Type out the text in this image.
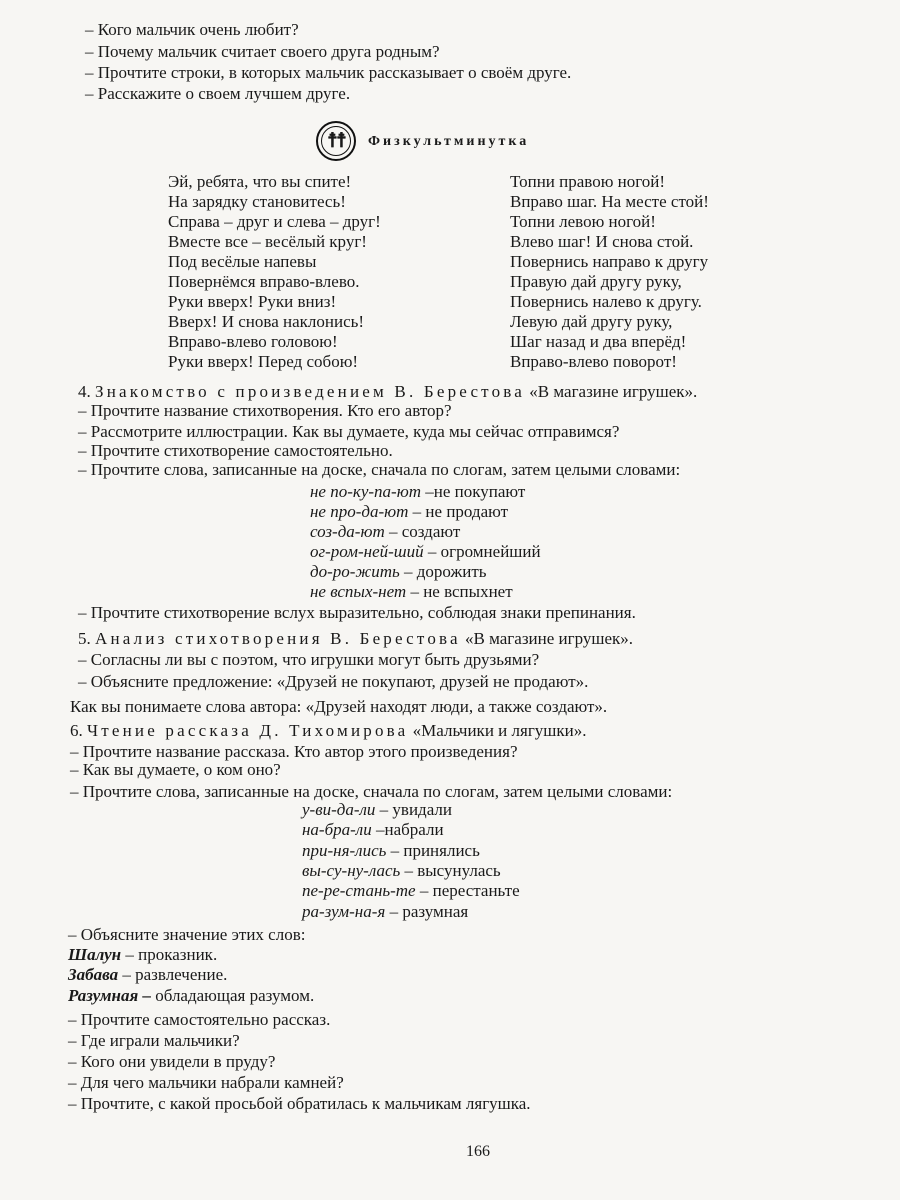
– Кого мальчик очень любит?
– Почему мальчик считает своего друга родным?
– Прочтите строки, в которых мальчик рассказывает о своём друге.
– Расскажите о своем лучшем друге.
☨
☨ Физкультминутка
Эй, ребята, что вы спите!
На зарядку становитесь!
Справа – друг и слева – друг!
Вместе все – весёлый круг!
Под весёлые напевы
Повернёмся вправо-влево.
Руки вверх! Руки вниз!
Вверх! И снова наклонись!
Вправо-влево головою!
Руки вверх! Перед собою!
Топни правою ногой!
Вправо шаг. На месте стой!
Топни левою ногой!
Влево шаг! И снова стой.
Повернись направо к другу
Правую дай другу руку,
Повернись налево к другу.
Левую дай другу руку,
Шаг назад и два вперёд!
Вправо-влево поворот!
4. Знакомство с произведением В. Берестова «В магазине игрушек».
– Прочтите название стихотворения. Кто его автор?
– Рассмотрите иллюстрации. Как вы думаете, куда мы сейчас отправимся?
– Прочтите стихотворение самостоятельно.
– Прочтите слова, записанные на доске, сначала по слогам, затем целыми словами:
не по-ку-па-ют –не покупают
не про-да-ют – не продают
соз-да-ют – создают
ог-ром-ней-ший – огромнейший
до-ро-жить – дорожить
не вспых-нет – не вспыхнет
– Прочтите стихотворение вслух выразительно, соблюдая знаки препинания.
5. Анализ стихотворения В. Берестова «В магазине игрушек».
– Согласны ли вы с поэтом, что игрушки могут быть друзьями?
– Объясните предложение: «Друзей не покупают, друзей не продают».
Как вы понимаете слова автора: «Друзей находят люди, а также создают».
6. Чтение рассказа Д. Тихомирова «Мальчики и лягушки».
– Прочтите название рассказа. Кто автор этого произведения?
– Как вы думаете, о ком оно?
– Прочтите слова, записанные на доске, сначала по слогам, затем целыми словами:
у-ви-да-ли – увидали
на-бра-ли –набрали
при-ня-лись – принялись
вы-су-ну-лась – высунулась
пе-ре-стань-те – перестаньте
ра-зум-на-я – разумная
– Объясните значение этих слов:
Шалун – проказник.
Забава – развлечение.
Разумная – обладающая разумом.
– Прочтите самостоятельно рассказ.
– Где играли мальчики?
– Кого они увидели в пруду?
– Для чего мальчики набрали камней?
– Прочтите, с какой просьбой обратилась к мальчикам лягушка.
166
